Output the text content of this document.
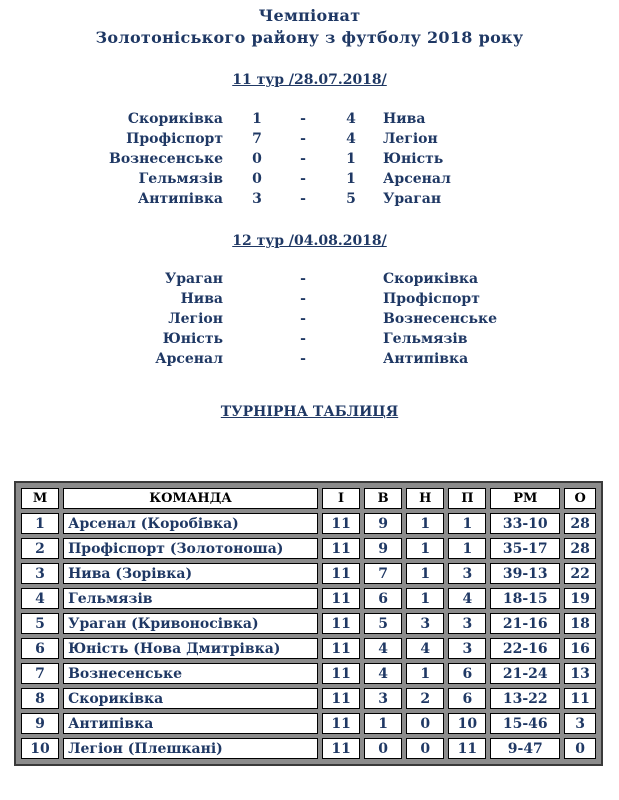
Чемпіонат
Золотоніського району з футболу 2018 року
11 тур /28.07.2018/
Скориківка 1	-	4 Нива
Профіспорт 7	-	4 Легіон
Вознесенське 0	-	1 Юність
Гельмязів 0	-	1 Арсенал
Антипівка 3	-	5 Ураган
12 тур /04.08.2018/
Ураган	-	Скориківка
Нива	-	Профіспорт
Легіон	-	Вознесенське
Юність	-	Гельмязів
Арсенал	-	Антипівка
ТУРНІРНА ТАБЛИЦЯ
М	КОМАНДА	І	В	Н	П	РМ	О
1	Арсенал (Коробівка)	11	9	1	1	33-10	28
2	Профіспорт (Золотоноша)	11	9	1	1	35-17	28
3	Нива (Зорівка)	11	7	1	3	39-13	22
4	Гельмязів	11	6	1	4	18-15	19
5	Ураган (Кривоносівка)	11	5	3	3	21-16	18
6	Юність (Нова Дмитрівка)	11	4	4	3	22-16	16
7	Вознесенське	11	4	1	6	21-24	13
8	Скориківка	11	3	2	6	13-22	11
9	Антипівка	11	1	0	10	15-46	3
10	Легіон (Плешкані)	11	0	0	11	9-47	0
